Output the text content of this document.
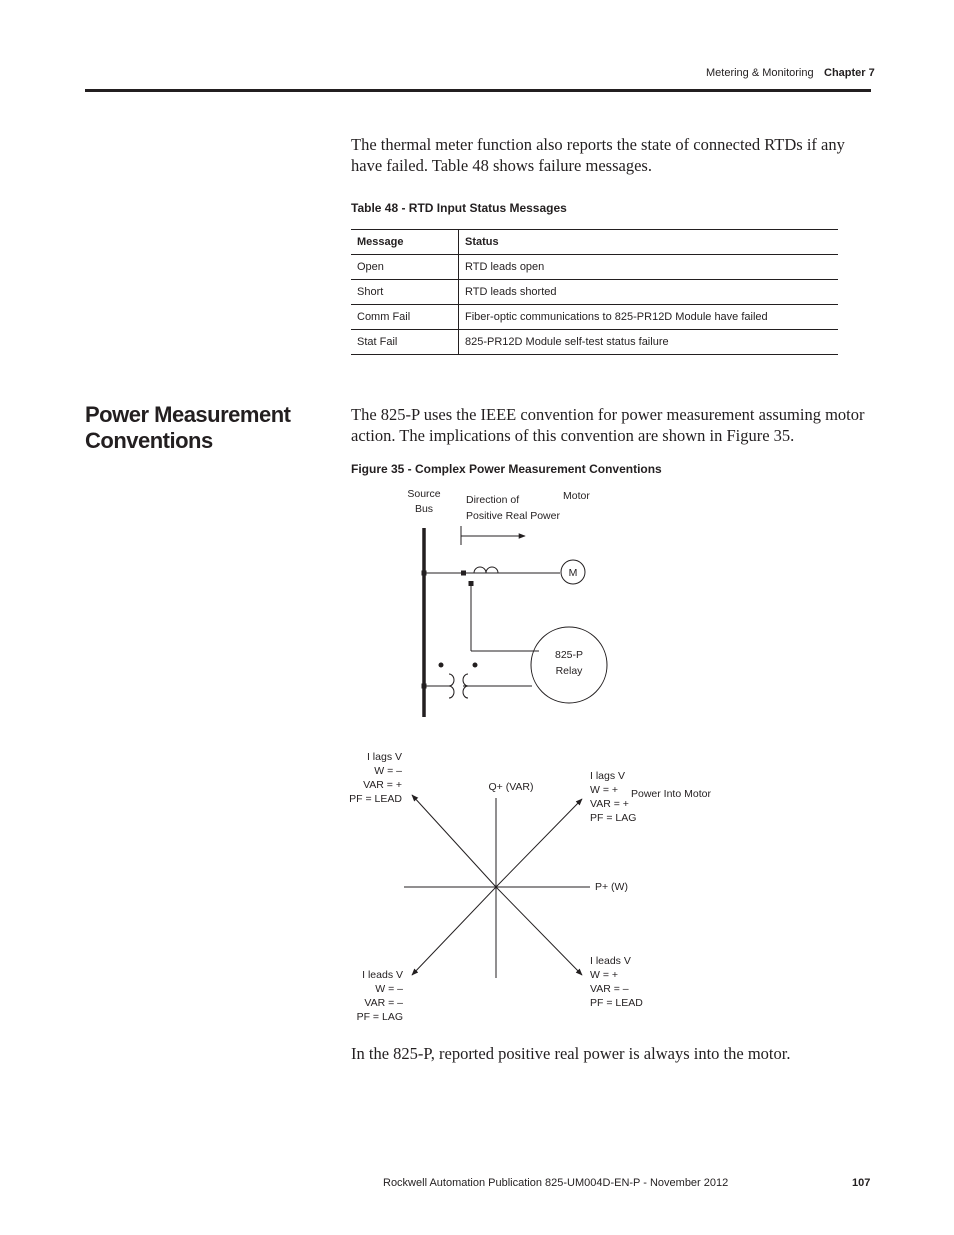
Metering & Monitoring Chapter 7
The thermal meter function also reports the state of connected RTDs if any have failed. Table 48 shows failure messages.
Table 48 - RTD Input Status Messages
Message	Status
Open	RTD leads open
Short	RTD leads shorted
Comm Fail	Fiber-optic communications to 825-PR12D Module have failed
Stat Fail	825-PR12D Module self-test status failure
Power Measurement Conventions
The 825-P uses the IEEE convention for power measurement assuming motor action. The implications of this convention are shown in Figure 35.
Figure 35 - Complex Power Measurement Conventions
Source
Bus
Direction of
Positive Real Power
Motor
M
825-P
Relay
Q+ (VAR)
P+ (W)
Power Into Motor
I lags V
W = –
VAR = +
PF = LEAD
I lags V
W = +
VAR = +
PF = LAG
I leads V
W = –
VAR = –
PF = LAG
I leads V
W = +
VAR = –
PF = LEAD
In the 825-P, reported positive real power is always into the motor.
Rockwell Automation Publication 825-UM004D-EN-P - November 2012	107
